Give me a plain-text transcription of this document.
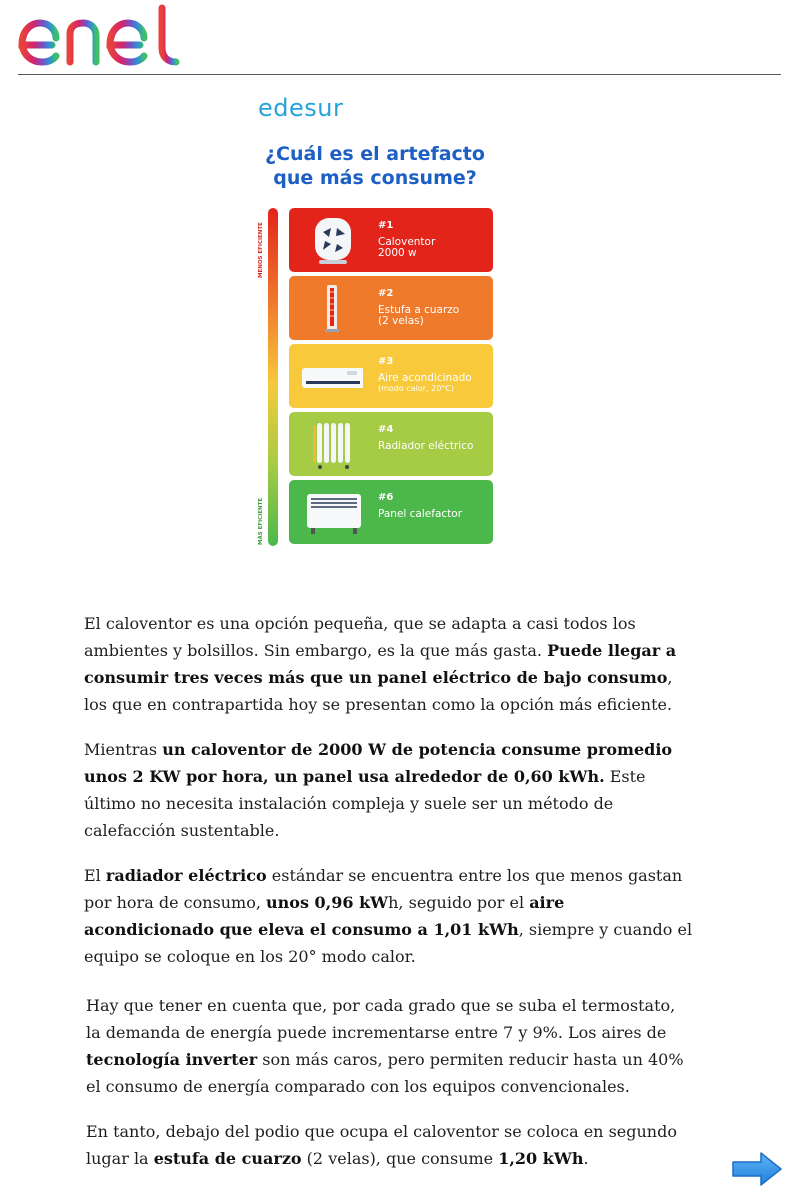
edesur
¿Cuál es el artefacto
que más consume?
MENOS EFICIENTE
MÁS EFICIENTE
#1
Caloventor
2000 w
#2
Estufa a cuarzo
(2 velas)
#3
Aire acondicinado
(modo calor, 20°C)
#4
Radiador eléctrico
#6
Panel calefactor

El caloventor es una opción pequeña, que se adapta a casi todos los ambientes y bolsillos. Sin embargo, es la que más gasta. Puede llegar a consumir tres veces más que un panel eléctrico de bajo consumo, los que en contrapartida hoy se presentan como la opción más eficiente.

Mientras un caloventor de 2000 W de potencia consume promedio unos 2 KW por hora, un panel usa alrededor de 0,60 kWh. Este último no necesita instalación compleja y suele ser un método de calefacción sustentable.

El radiador eléctrico estándar se encuentra entre los que menos gastan por hora de consumo, unos 0,96 kWh, seguido por el aire acondicionado que eleva el consumo a 1,01 kWh, siempre y cuando el equipo se coloque en los 20° modo calor.

Hay que tener en cuenta que, por cada grado que se suba el termostato, la demanda de energía puede incrementarse entre 7 y 9%. Los aires de tecnología inverter son más caros, pero permiten reducir hasta un 40% el consumo de energía comparado con los equipos convencionales.

En tanto, debajo del podio que ocupa el caloventor se coloca en segundo lugar la estufa de cuarzo (2 velas), que consume 1,20 kWh.
